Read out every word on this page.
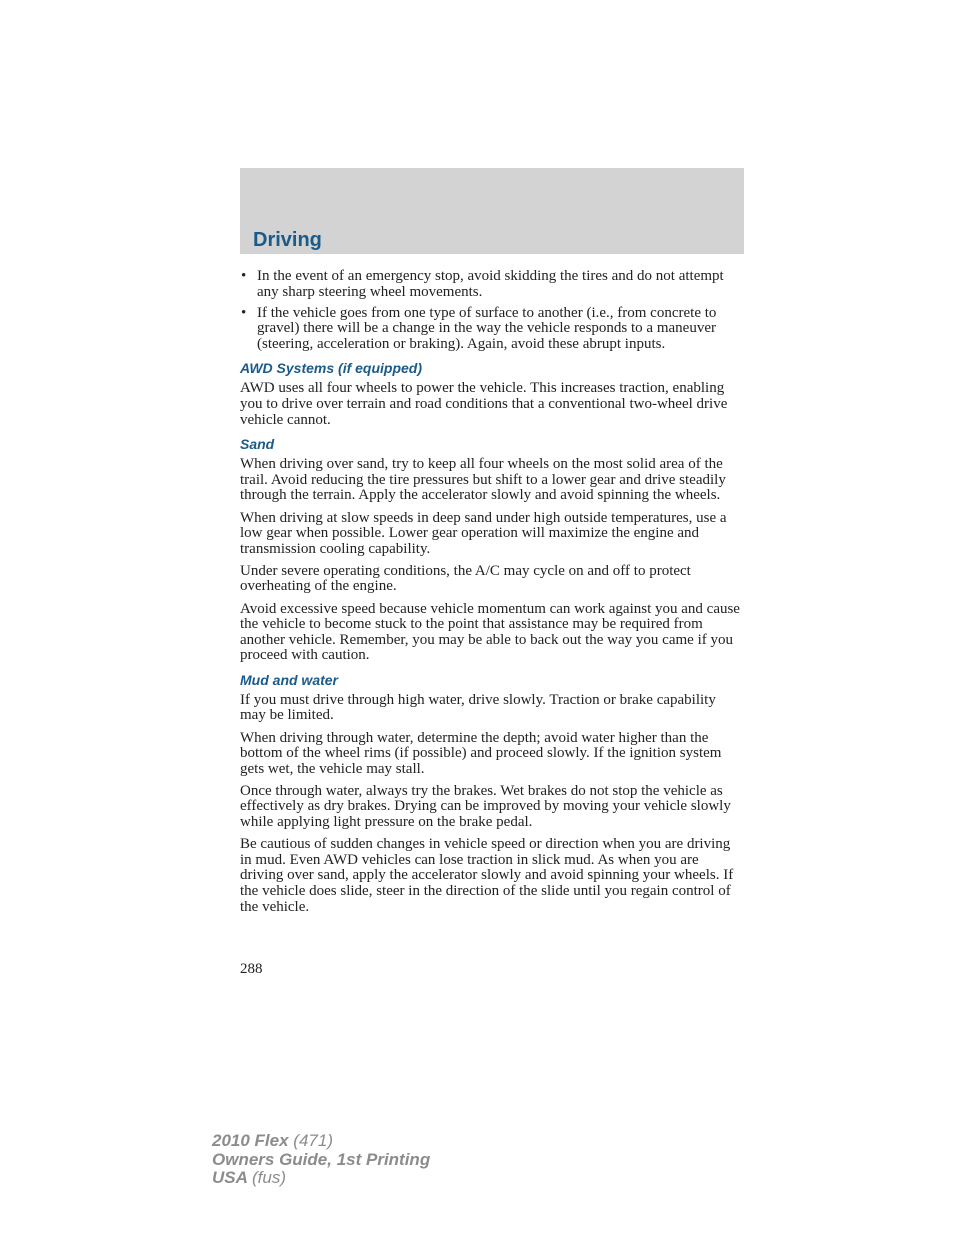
Driving
• In the event of an emergency stop, avoid skidding the tires and do not attempt any sharp steering wheel movements.
• If the vehicle goes from one type of surface to another (i.e., from concrete to gravel) there will be a change in the way the vehicle responds to a maneuver (steering, acceleration or braking). Again, avoid these abrupt inputs.
AWD Systems (if equipped)

AWD uses all four wheels to power the vehicle. This increases traction, enabling you to drive over terrain and road conditions that a conventional two-wheel drive vehicle cannot.

Sand

When driving over sand, try to keep all four wheels on the most solid area of the trail. Avoid reducing the tire pressures but shift to a lower gear and drive steadily through the terrain. Apply the accelerator slowly and avoid spinning the wheels.

When driving at slow speeds in deep sand under high outside temperatures, use a low gear when possible. Lower gear operation will maximize the engine and transmission cooling capability.

Under severe operating conditions, the A/C may cycle on and off to protect overheating of the engine.

Avoid excessive speed because vehicle momentum can work against you and cause the vehicle to become stuck to the point that assistance may be required from another vehicle. Remember, you may be able to back out the way you came if you proceed with caution.

Mud and water

If you must drive through high water, drive slowly. Traction or brake capability may be limited.

When driving through water, determine the depth; avoid water higher than the bottom of the wheel rims (if possible) and proceed slowly. If the ignition system gets wet, the vehicle may stall.

Once through water, always try the brakes. Wet brakes do not stop the vehicle as effectively as dry brakes. Drying can be improved by moving your vehicle slowly while applying light pressure on the brake pedal.

Be cautious of sudden changes in vehicle speed or direction when you are driving in mud. Even AWD vehicles can lose traction in slick mud. As when you are driving over sand, apply the accelerator slowly and avoid spinning your wheels. If the vehicle does slide, steer in the direction of the slide until you regain control of the vehicle.

288
2010 Flex (471)
Owners Guide, 1st Printing
USA (fus)
